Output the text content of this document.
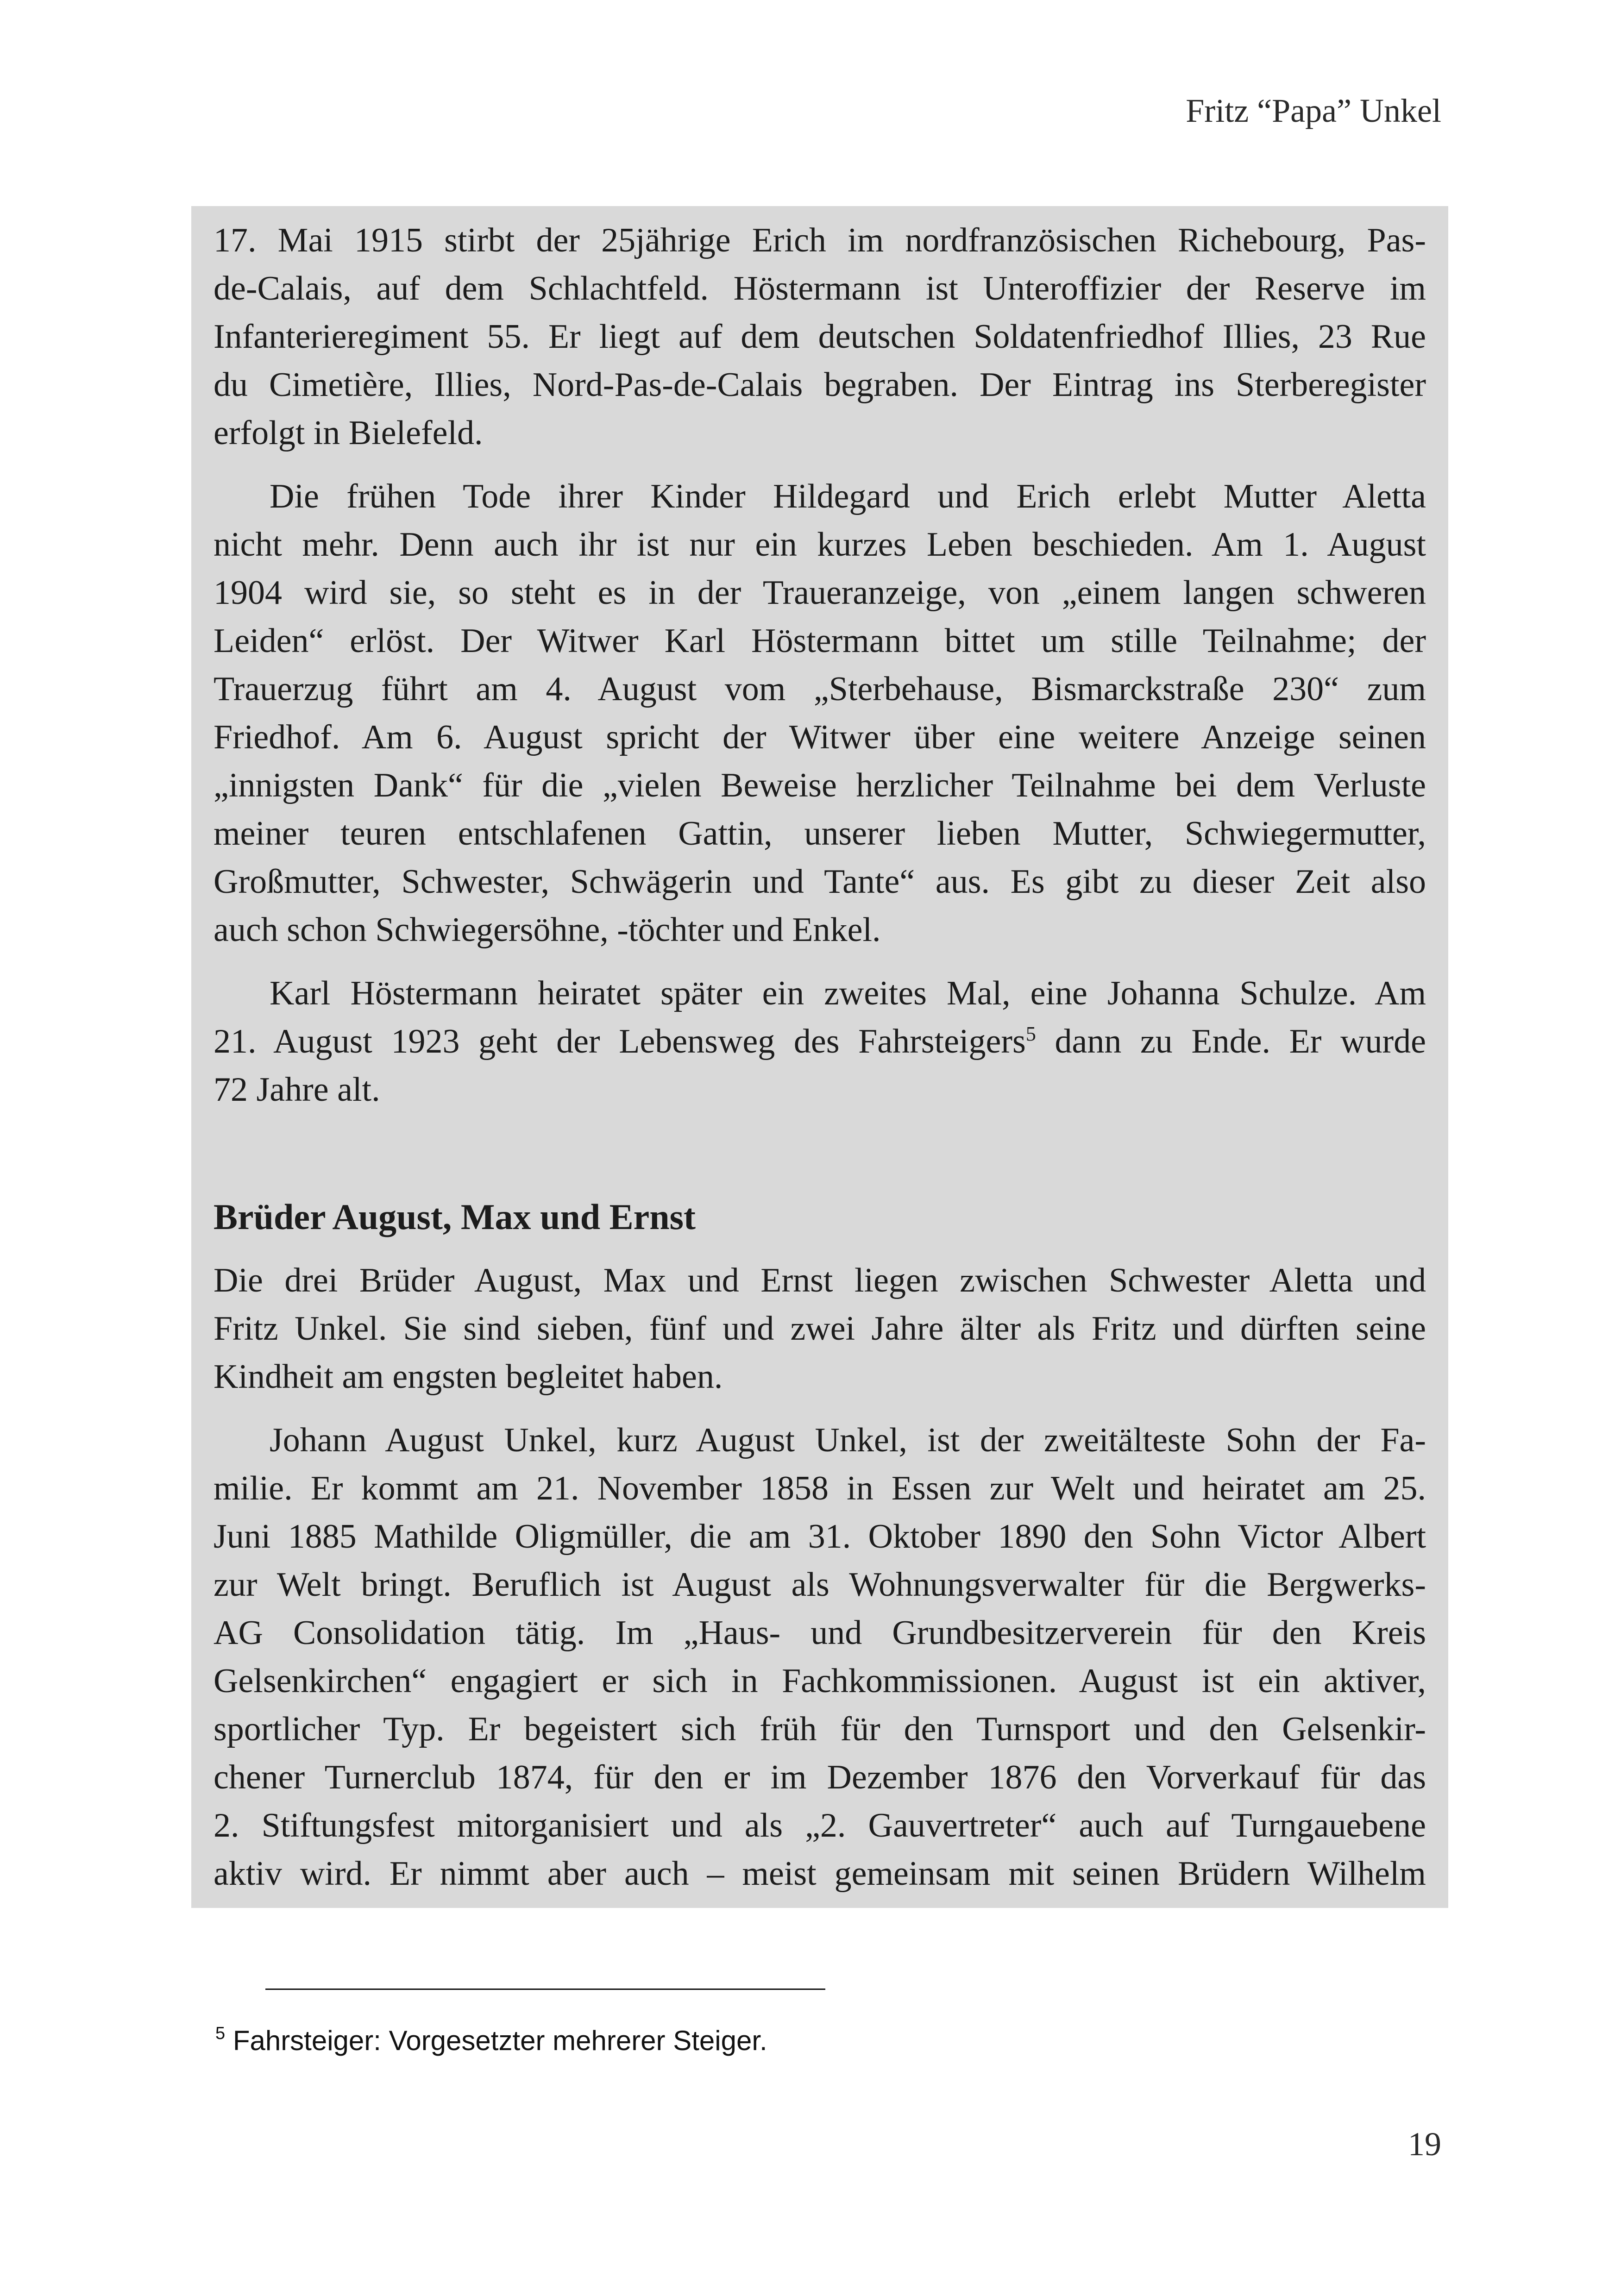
Fritz “Papa” Unkel
17. Mai 1915 stirbt der 25jährige Erich im nordfranzösischen Richebourg, Pas-
de-Calais, auf dem Schlachtfeld. Höstermann ist Unteroffizier der Reserve im
Infanterieregiment 55. Er liegt auf dem deutschen Soldatenfriedhof Illies, 23 Rue
du Cimetière, Illies, Nord-Pas-de-Calais begraben. Der Eintrag ins Sterberegister
erfolgt in Bielefeld.
Die frühen Tode ihrer Kinder Hildegard und Erich erlebt Mutter Aletta
nicht mehr. Denn auch ihr ist nur ein kurzes Leben beschieden. Am 1. August
1904 wird sie, so steht es in der Traueranzeige, von „einem langen schweren
Leiden“ erlöst. Der Witwer Karl Höstermann bittet um stille Teilnahme; der
Trauerzug führt am 4. August vom „Sterbehause, Bismarckstraße 230“ zum
Friedhof. Am 6. August spricht der Witwer über eine weitere Anzeige seinen
„innigsten Dank“ für die „vielen Beweise herzlicher Teilnahme bei dem Verluste
meiner teuren entschlafenen Gattin, unserer lieben Mutter, Schwiegermutter,
Großmutter, Schwester, Schwägerin und Tante“ aus. Es gibt zu dieser Zeit also
auch schon Schwiegersöhne, -töchter und Enkel.
Karl Höstermann heiratet später ein zweites Mal, eine Johanna Schulze. Am
21. August 1923 geht der Lebensweg des Fahrsteigers$^5$ dann zu Ende. Er wurde
72 Jahre alt.
Brüder August, Max und Ernst
Die drei Brüder August, Max und Ernst liegen zwischen Schwester Aletta und
Fritz Unkel. Sie sind sieben, fünf und zwei Jahre älter als Fritz und dürften seine
Kindheit am engsten begleitet haben.
Johann August Unkel, kurz August Unkel, ist der zweitälteste Sohn der Fa-
milie. Er kommt am 21. November 1858 in Essen zur Welt und heiratet am 25.
Juni 1885 Mathilde Oligmüller, die am 31. Oktober 1890 den Sohn Victor Albert
zur Welt bringt. Beruflich ist August als Wohnungsverwalter für die Bergwerks-
AG Consolidation tätig. Im „Haus- und Grundbesitzerverein für den Kreis
Gelsenkirchen“ engagiert er sich in Fachkommissionen. August ist ein aktiver,
sportlicher Typ. Er begeistert sich früh für den Turnsport und den Gelsenkir-
chener Turnerclub 1874, für den er im Dezember 1876 den Vorverkauf für das
2. Stiftungsfest mitorganisiert und als „2. Gauvertreter“ auch auf Turngauebene
aktiv wird. Er nimmt aber auch – meist gemeinsam mit seinen Brüdern Wilhelm
$^5$ Fahrsteiger: Vorgesetzter mehrerer Steiger.
19
